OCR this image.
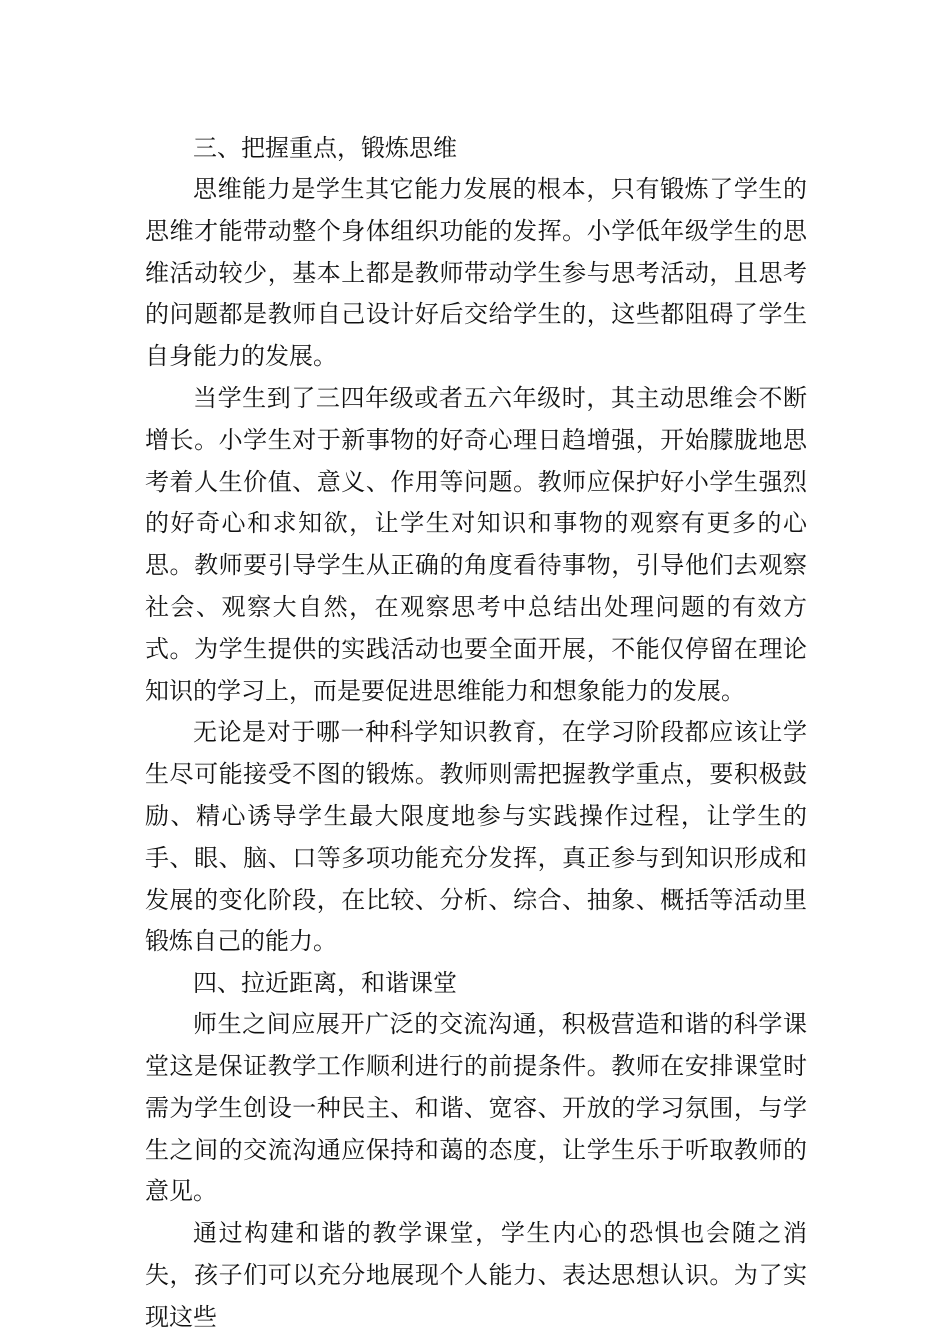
三、把握重点，锻炼思维

思维能力是学生其它能力发展的根本，只有锻炼了学生的思维才能带动整个身体组织功能的发挥。小学低年级学生的思维活动较少，基本上都是教师带动学生参与思考活动，且思考的问题都是教师自己设计好后交给学生的，这些都阻碍了学生自身能力的发展。

当学生到了三四年级或者五六年级时，其主动思维会不断增长。小学生对于新事物的好奇心理日趋增强，开始朦胧地思考着人生价值、意义、作用等问题。教师应保护好小学生强烈的好奇心和求知欲，让学生对知识和事物的观察有更多的心思。教师要引导学生从正确的角度看待事物，引导他们去观察社会、观察大自然，在观察思考中总结出处理问题的有效方式。为学生提供的实践活动也要全面开展，不能仅停留在理论知识的学习上，而是要促进思维能力和想象能力的发展。

无论是对于哪一种科学知识教育，在学习阶段都应该让学生尽可能接受不图的锻炼。教师则需把握教学重点，要积极鼓励、精心诱导学生最大限度地参与实践操作过程，让学生的手、眼、脑、口等多项功能充分发挥，真正参与到知识形成和发展的变化阶段，在比较、分析、综合、抽象、概括等活动里锻炼自己的能力。

四、拉近距离，和谐课堂

师生之间应展开广泛的交流沟通，积极营造和谐的科学课堂这是保证教学工作顺利进行的前提条件。教师在安排课堂时需为学生创设一种民主、和谐、宽容、开放的学习氛围，与学生之间的交流沟通应保持和蔼的态度，让学生乐于听取教师的意见。

通过构建和谐的教学课堂，学生内心的恐惧也会随之消失，孩子们可以充分地展现个人能力、表达思想认识。为了实现这些
